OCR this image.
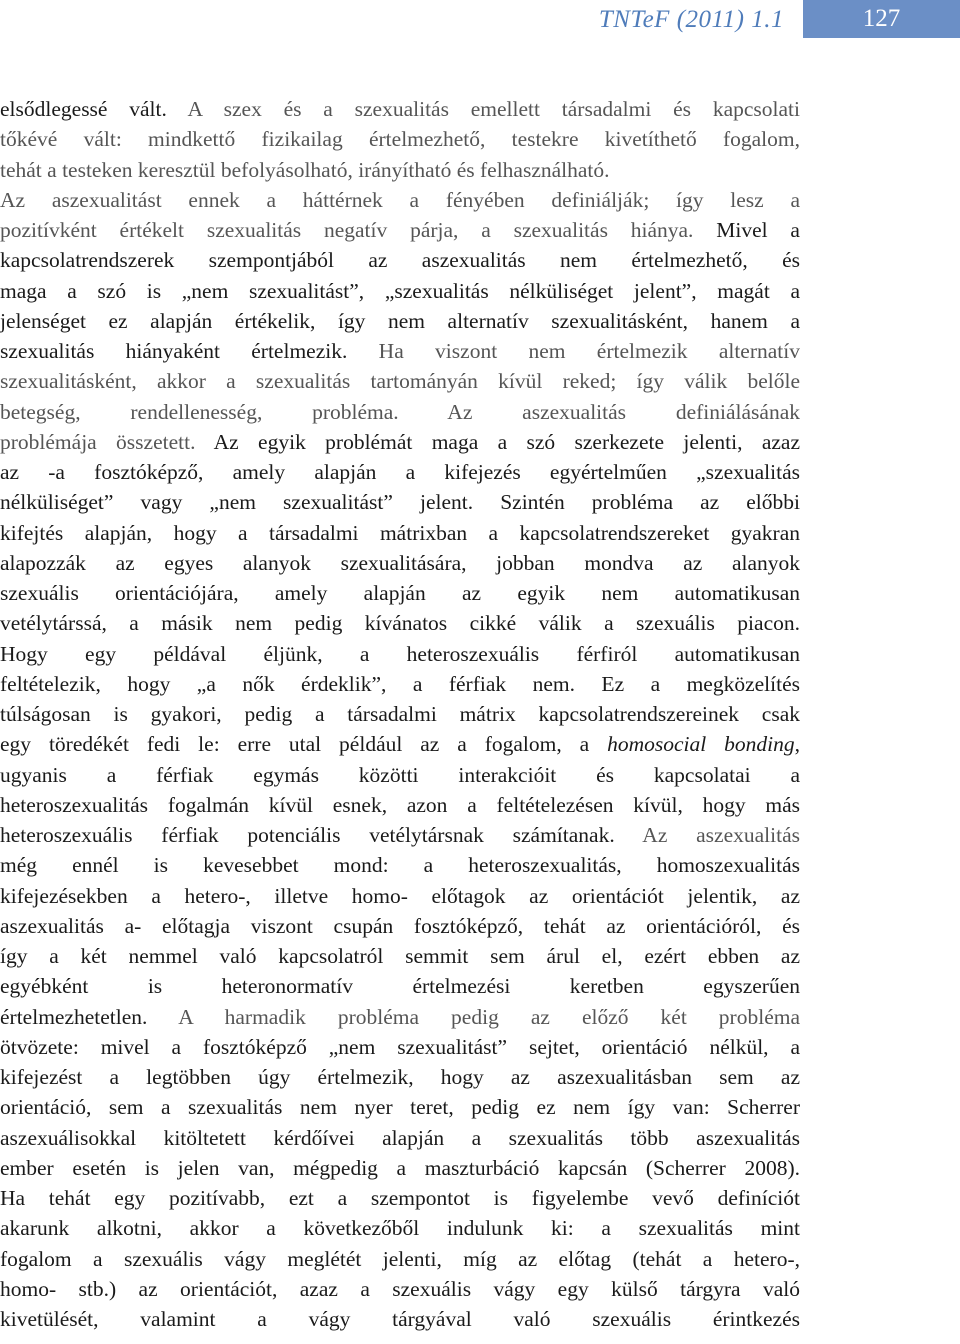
TNTeF (2011) 1.1	127
elsődlegessé vált. A szex és a szexualitás emellett társadalmi és kapcsolati
tőkévé vált: mindkettő fizikailag értelmezhető, testekre kivetíthető fogalom,
tehát a testeken keresztül befolyásolható, irányítható és felhasználható.
Az aszexualitást ennek a háttérnek a fényében definiálják; így lesz a
pozitívként értékelt szexualitás negatív párja, a szexualitás hiánya. Mivel a
kapcsolatrendszerek szempontjából az aszexualitás nem értelmezhető, és
maga a szó is „nem szexualitást”, „szexualitás nélküliséget jelent”, magát a
jelenséget ez alapján értékelik, így nem alternatív szexualitásként, hanem a
szexualitás hiányaként értelmezik. Ha viszont nem értelmezik alternatív
szexualitásként, akkor a szexualitás tartományán kívül reked; így válik belőle
betegség, rendellenesség, probléma. Az aszexualitás definiálásának
problémája összetett. Az egyik problémát maga a szó szerkezete jelenti, azaz
az -a fosztóképző, amely alapján a kifejezés egyértelműen „szexualitás
nélküliséget” vagy „nem szexualitást” jelent. Szintén probléma az előbbi
kifejtés alapján, hogy a társadalmi mátrixban a kapcsolatrendszereket gyakran
alapozzák az egyes alanyok szexualitására, jobban mondva az alanyok
szexuális orientációjára, amely alapján az egyik nem automatikusan
vetélytárssá, a másik nem pedig kívánatos cikké válik a szexuális piacon.
Hogy egy példával éljünk, a heteroszexuális férfiról automatikusan
feltételezik, hogy „a nők érdeklik”, a férfiak nem. Ez a megközelítés
túlságosan is gyakori, pedig a társadalmi mátrix kapcsolatrendszereinek csak
egy töredékét fedi le: erre utal például az a fogalom, a homosocial bonding,
ugyanis a férfiak egymás közötti interakcióit és kapcsolatai a
heteroszexualitás fogalmán kívül esnek, azon a feltételezésen kívül, hogy más
heteroszexuális férfiak potenciális vetélytársnak számítanak. Az aszexualitás
még ennél is kevesebbet mond: a heteroszexualitás, homoszexualitás
kifejezésekben a hetero-, illetve homo- előtagok az orientációt jelentik, az
aszexualitás a- előtagja viszont csupán fosztóképző, tehát az orientációról, és
így a két nemmel való kapcsolatról semmit sem árul el, ezért ebben az
egyébként is heteronormatív értelmezési keretben egyszerűen
értelmezhetetlen. A harmadik probléma pedig az előző két probléma
ötvözete: mivel a fosztóképző „nem szexualitást” sejtet, orientáció nélkül, a
kifejezést a legtöbben úgy értelmezik, hogy az aszexualitásban sem az
orientáció, sem a szexualitás nem nyer teret, pedig ez nem így van: Scherrer
aszexuálisokkal kitöltetett kérdőívei alapján a szexualitás több aszexualitás
ember esetén is jelen van, mégpedig a maszturbáció kapcsán (Scherrer 2008).
Ha tehát egy pozitívabb, ezt a szempontot is figyelembe vevő definíciót
akarunk alkotni, akkor a következőből indulunk ki: a szexualitás mint
fogalom a szexuális vágy meglétét jelenti, míg az előtag (tehát a hetero-,
homo- stb.) az orientációt, azaz a szexuális vágy egy külső tárgyra való
kivetülését, valamint a vágy tárgyával való szexuális érintkezés
